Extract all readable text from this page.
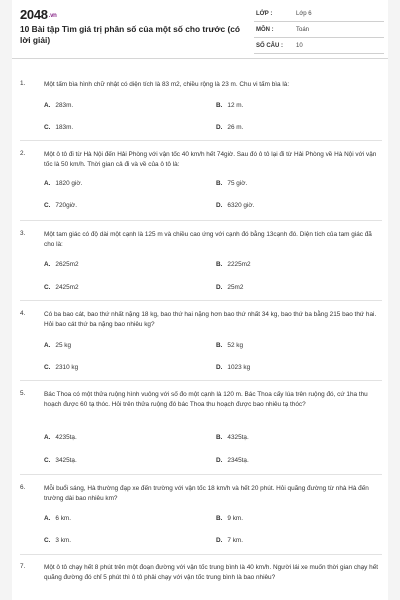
2048.vn
10 Bài tập Tìm giá trị phân số của một số cho trước (có lời giải)
LỚP :	Lớp 6
MÔN :	Toán
SỐ CÂU : 10
1.	Một tấm bìa hình chữ nhật có diện tích là 83 m2, chiều rộng là 23 m. Chu vi tấm bìa là:
A. 283m.	B. 12 m.
C. 183m.	D. 26 m.
2.	Một ô tô đi từ Hà Nội đến Hải Phòng với vận tốc 40 km/h hết 74giờ. Sau đó ô tô lại đi từ Hải Phòng về Hà Nội với vận tốc là 50 km/h. Thời gian cả đi và về của ô tô là:
A. 1820 giờ.	B. 75 giờ.
C. 720giờ.	D. 6320 giờ.
3.	Một tam giác có độ dài một cạnh là 125 m và chiều cao ứng với cạnh đó bằng 13cạnh đó. Diện tích của tam giác đã cho là:
A. 2625m2	B. 2225m2
C. 2425m2	D. 25m2
4.	Có ba bao cát, bao thứ nhất nặng 18 kg, bao thứ hai nặng hơn bao thứ nhất 34 kg, bao thứ ba bằng 215 bao thứ hai. Hỏi bao cát thứ ba nặng bao nhiêu kg?
A. 25 kg	B. 52 kg
C. 2310 kg	D. 1023 kg
5.	Bác Thoa có một thửa ruộng hình vuông với số đo một cạnh là 120 m. Bác Thoa cấy lúa trên ruộng đó, cứ 1ha thu hoạch được 60 tạ thóc. Hỏi trên thửa ruộng đó bác Thoa thu hoạch được bao nhiêu tạ thóc?
A. 4235tạ.	B. 4325tạ.
C. 3425tạ.	D. 2345tạ.
6.	Mỗi buổi sáng, Hà thường đạp xe đến trường với vận tốc 18 km/h và hết 20 phút. Hỏi quãng đường từ nhà Hà đến trường dài bao nhiêu km?
A. 6 km.	B. 9 km.
C. 3 km.	D. 7 km.
7.	Một ô tô chạy hết 8 phút trên một đoạn đường với vận tốc trung bình là 40 km/h. Người lái xe muốn thời gian chạy hết quãng đường đó chỉ 5 phút thì ô tô phải chạy với vận tốc trung bình là bao nhiêu?
